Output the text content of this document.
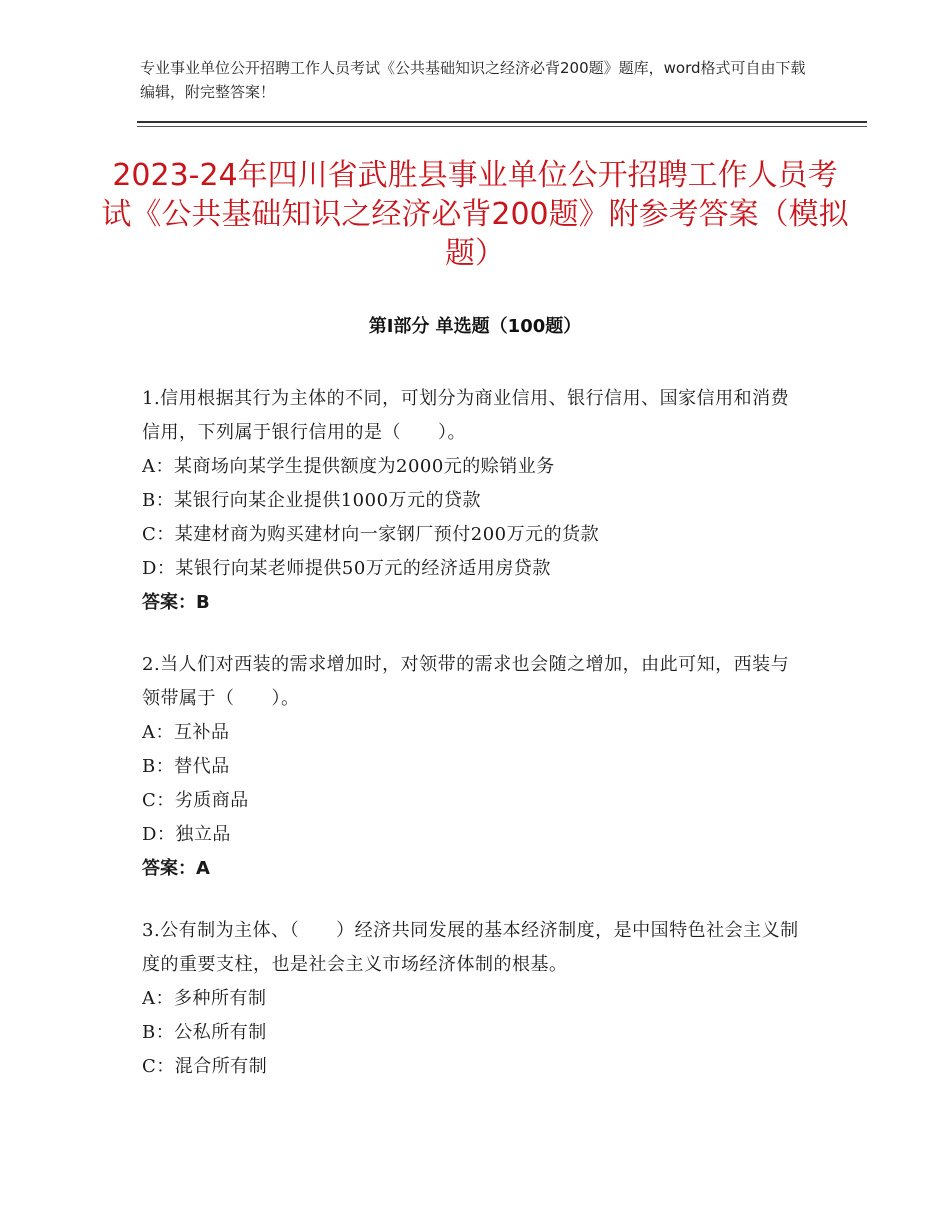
专业事业单位公开招聘工作人员考试《公共基础知识之经济必背200题》题库，word格式可自由下载编辑，附完整答案！
2023-24年四川省武胜县事业单位公开招聘工作人员考试《公共基础知识之经济必背200题》附参考答案（模拟题）
第Ⅰ部分 单选题（100题）
1.信用根据其行为主体的不同，可划分为商业信用、银行信用、国家信用和消费信用，下列属于银行信用的是（　　）。
A：某商场向某学生提供额度为2000元的赊销业务
B：某银行向某企业提供1000万元的贷款
C：某建材商为购买建材向一家钢厂预付200万元的货款
D：某银行向某老师提供50万元的经济适用房贷款
答案：B
2.当人们对西装的需求增加时，对领带的需求也会随之增加，由此可知，西装与领带属于（　　）。
A：互补品
B：替代品
C：劣质商品
D：独立品
答案：A
3.公有制为主体、（　　）经济共同发展的基本经济制度，是中国特色社会主义制度的重要支柱，也是社会主义市场经济体制的根基。
A：多种所有制
B：公私所有制
C：混合所有制
